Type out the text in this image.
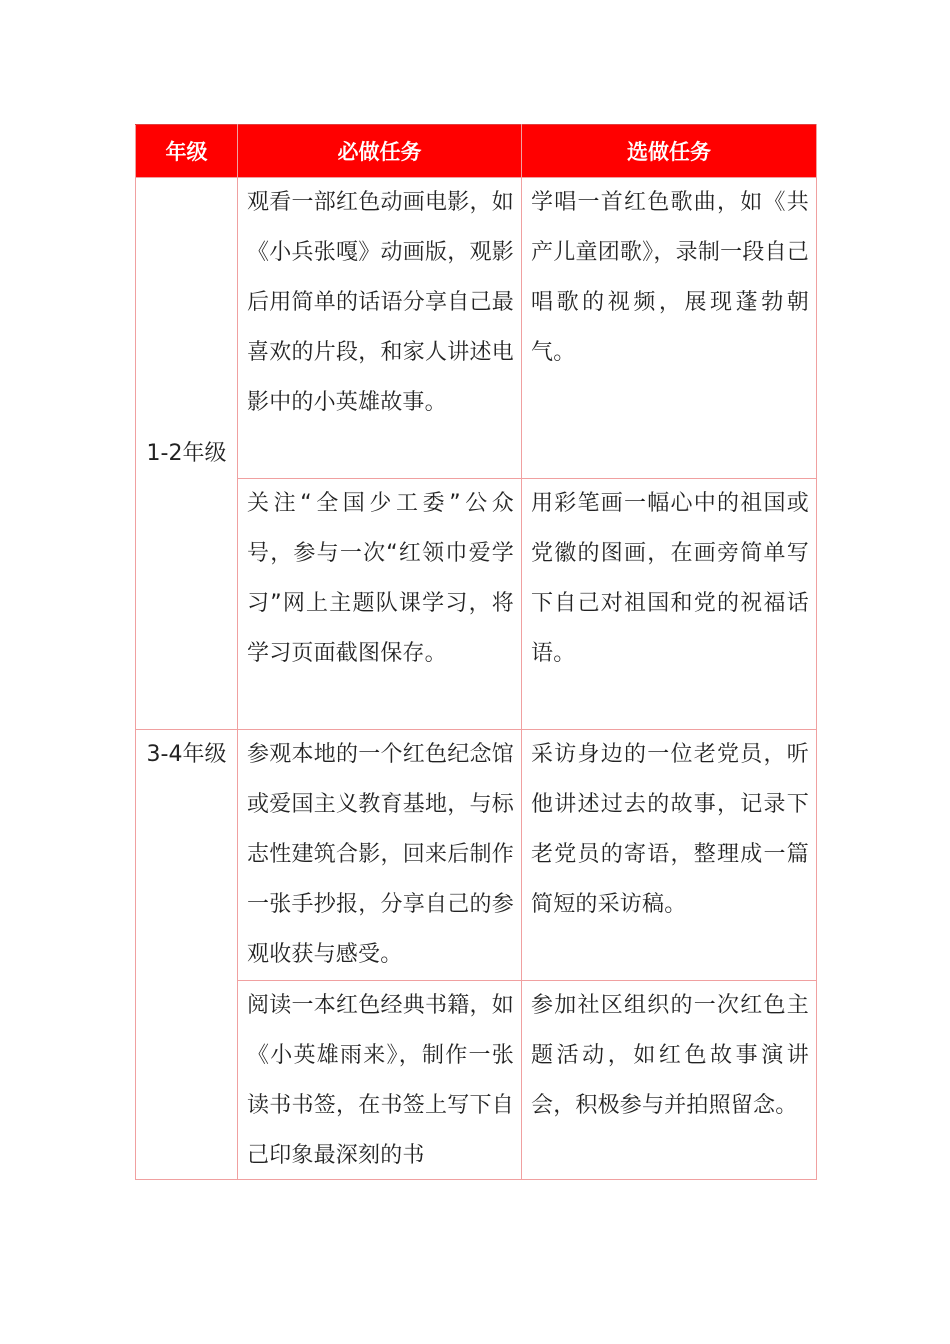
年级	必做任务	选做任务
1-2年级	观看一部红色动画电影，如《小兵张嘎》动画版，观影后用简单的话语分享自己最喜欢的片段，和家人讲述电影中的小英雄故事。	学唱一首红色歌曲，如《共产儿童团歌》，录制一段自己唱歌的视频，展现蓬勃朝气。

	关注“全国少工委”公众号，参与一次“红领巾爱学习”网上主题队课学习，将学习页面截图保存。	用彩笔画一幅心中的祖国或党徽的图画，在画旁简单写下自己对祖国和党的祝福话语。

3-4年级	参观本地的一个红色纪念馆或爱国主义教育基地，与标志性建筑合影，回来后制作一张手抄报，分享自己的参观收获与感受。	采访身边的一位老党员，听他讲述过去的故事，记录下老党员的寄语，整理成一篇简短的采访稿。

	阅读一本红色经典书籍，如《小英雄雨来》，制作一张读书书签，在书签上写下自己印象最深刻的书	参加社区组织的一次红色主题活动，如红色故事演讲会，积极参与并拍照留念。
